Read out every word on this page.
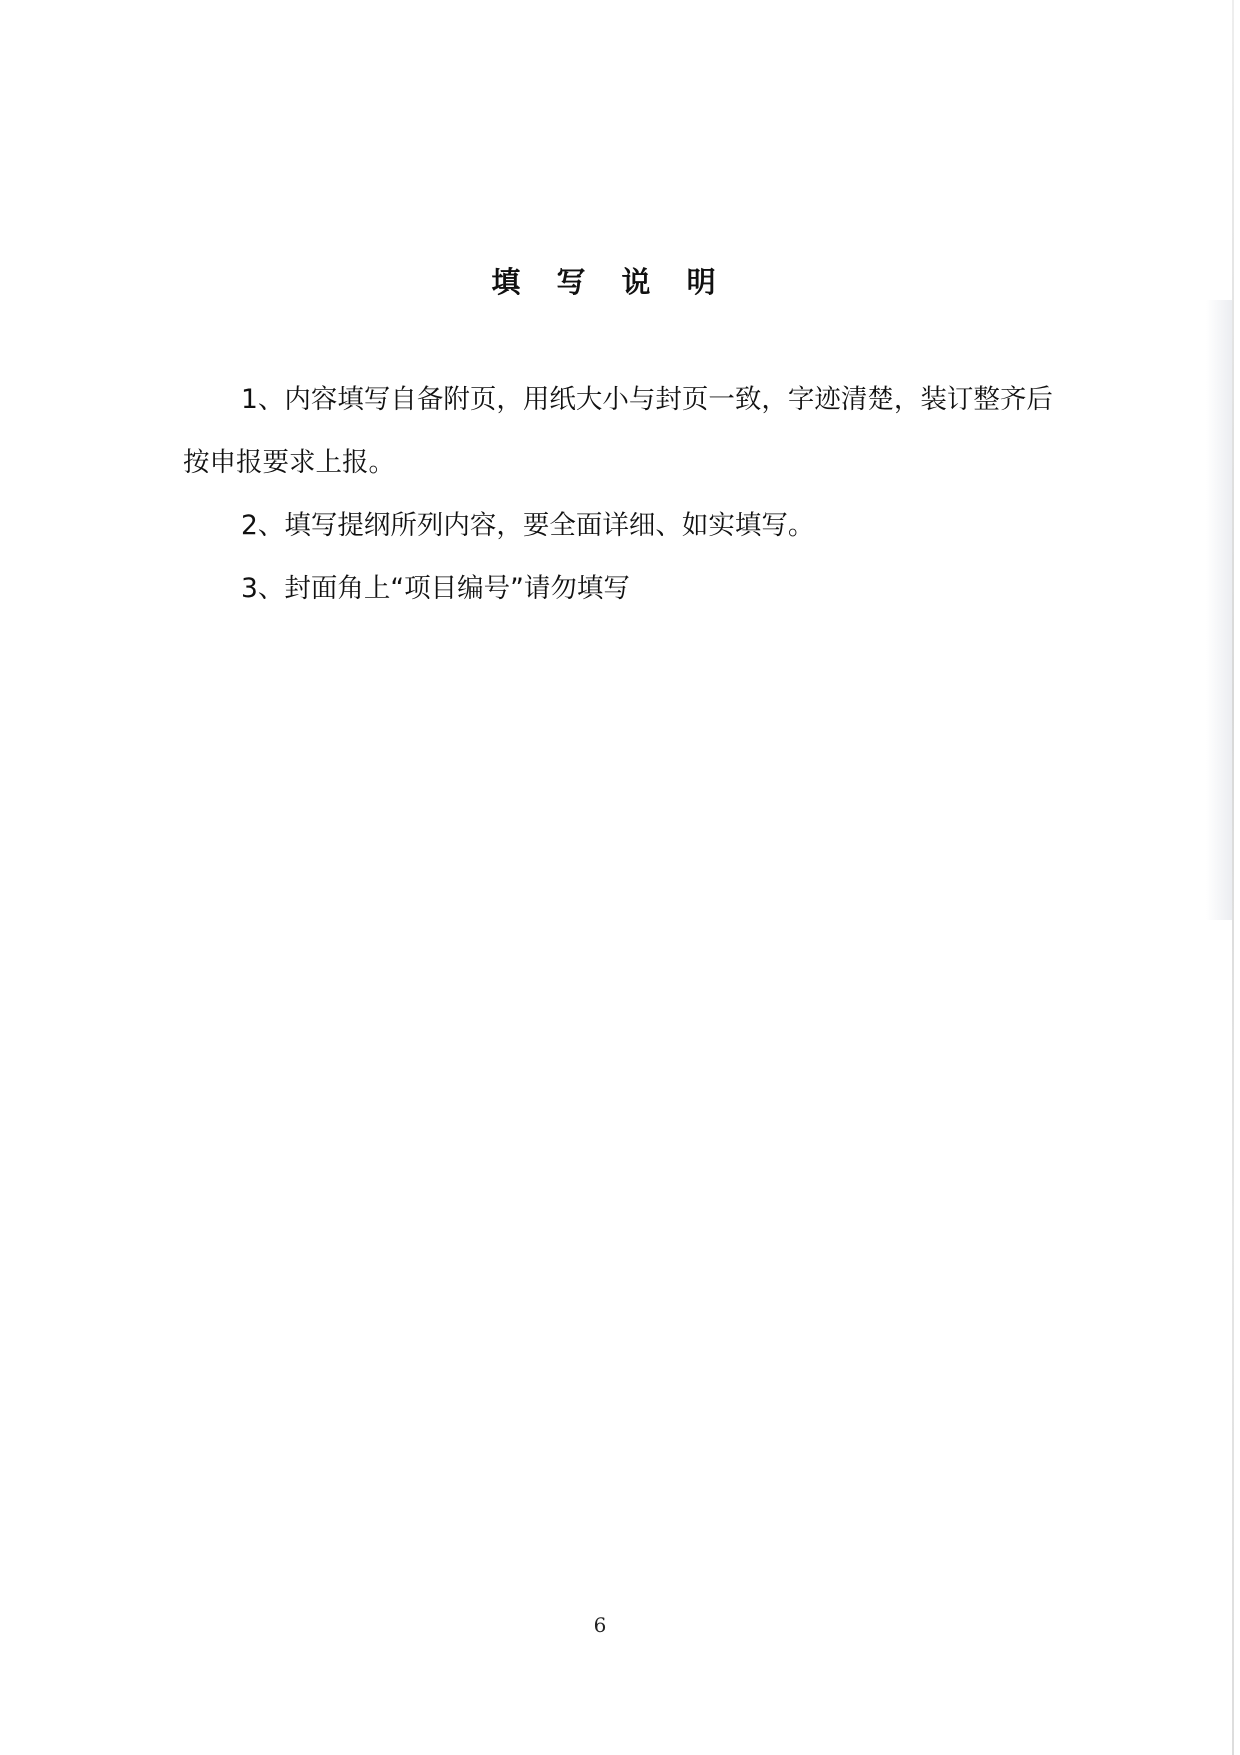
填 写 说 明

1、内容填写自备附页，用纸大小与封页一致，字迹清楚，装订整齐后按申报要求上报。

2、填写提纲所列内容，要全面详细、如实填写。

3、封面角上“项目编号”请勿填写

6
